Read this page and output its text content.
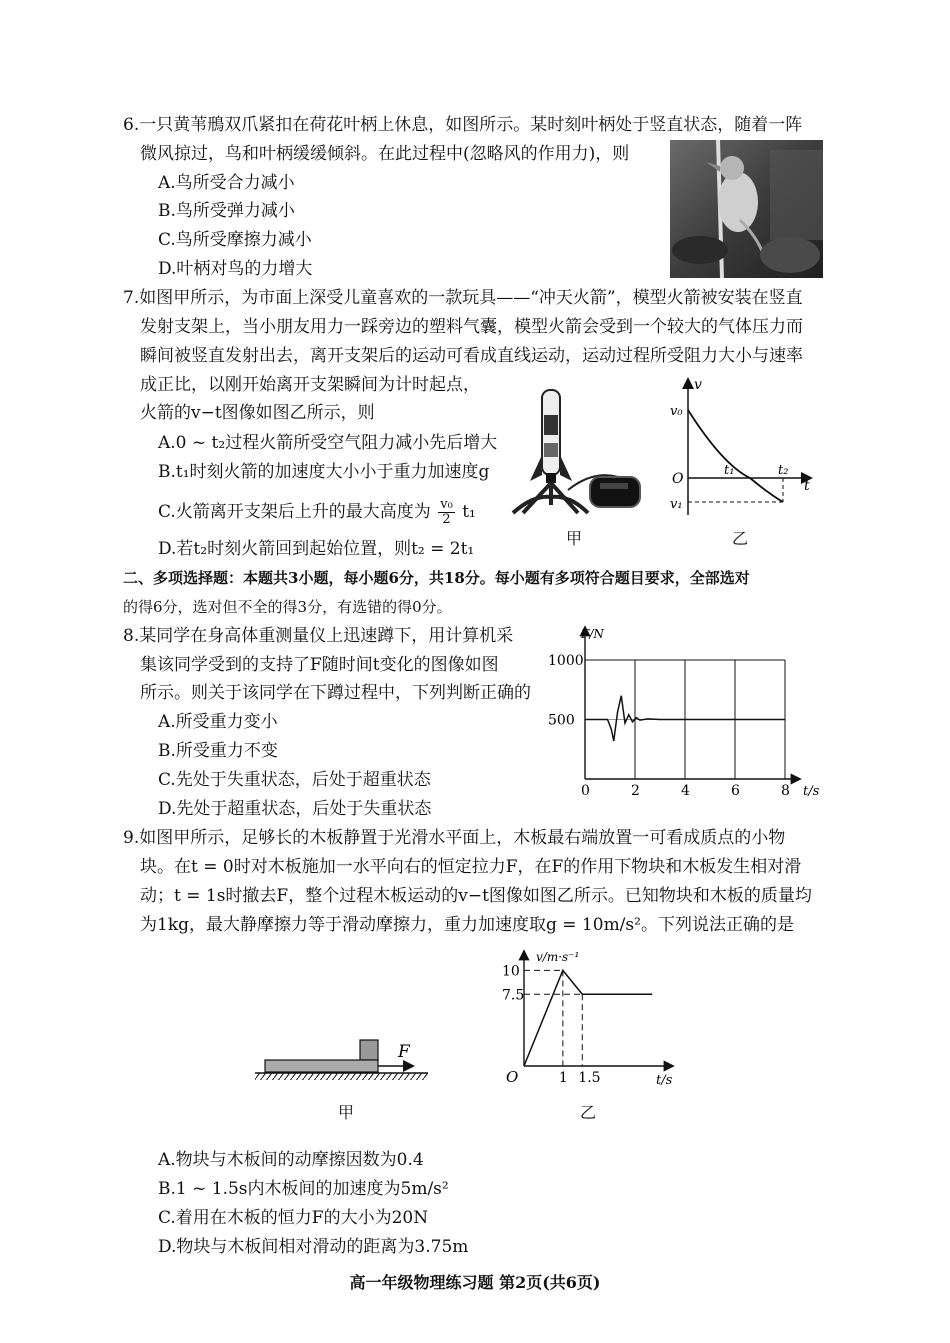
6.一只黄苇鳽双爪紧扣在荷花叶柄上休息，如图所示。某时刻叶柄处于竖直状态，随着一阵
微风掠过，鸟和叶柄缓缓倾斜。在此过程中(忽略风的作用力)，则
A.鸟所受合力减小
B.鸟所受弹力减小
C.鸟所受摩擦力减小
D.叶柄对鸟的力增大
7.如图甲所示，为市面上深受儿童喜欢的一款玩具——“冲天火箭”，模型火箭被安装在竖直
发射支架上，当小朋友用力一踩旁边的塑料气囊，模型火箭会受到一个较大的气体压力而
瞬间被竖直发射出去，离开支架后的运动可看成直线运动，运动过程所受阻力大小与速率
成正比，以刚开始离开支架瞬间为计时起点，
火箭的v−t图像如图乙所示，则
A.0 ~ t₂过程火箭所受空气阻力减小先后增大
B.t₁时刻火箭的加速度大小小于重力加速度g
C.火箭离开支架后上升的最大高度为 $\frac{\text{v₀}}{2} t_1$
D.若t₂时刻火箭回到起始位置，则t₂ = 2t₁
甲
v
v₀
O
t₁	t₂
t
v₁
乙
二、多项选择题：本题共3小题，每小题6分，共18分。每小题有多项符合题目要求，全部选对
的得6分，选对但不全的得3分，有选错的得0分。
8.某同学在身高体重测量仪上迅速蹲下，用计算机采
集该同学受到的支持了F随时间t变化的图像如图
所示。则关于该同学在下蹲过程中，下列判断正确的
A.所受重力变小
B.所受重力不变
C.先处于失重状态，后处于超重状态
D.先处于超重状态，后处于失重状态
0	2	4	6	8
500
1000
F/N
t/s
9.如图甲所示，足够长的木板静置于光滑水平面上，木板最右端放置一可看成质点的小物
块。在t = 0时对木板施加一水平向右的恒定拉力F，在F的作用下物块和木板发生相对滑
动；t = 1s时撤去F，整个过程木板运动的v−t图像如图乙所示。已知物块和木板的质量均
为1kg，最大静摩擦力等于滑动摩擦力，重力加速度取g = 10m/s²。下列说法正确的是
F
甲
7.5
10
1 1.5
O
v/m·s⁻¹
t/s
乙
A.物块与木板间的动摩擦因数为0.4
B.1 ~ 1.5s内木板间的加速度为5m/s²
C.着用在木板的恒力F的大小为20N
D.物块与木板间相对滑动的距离为3.75m
高一年级物理练习题 第2页(共6页)
